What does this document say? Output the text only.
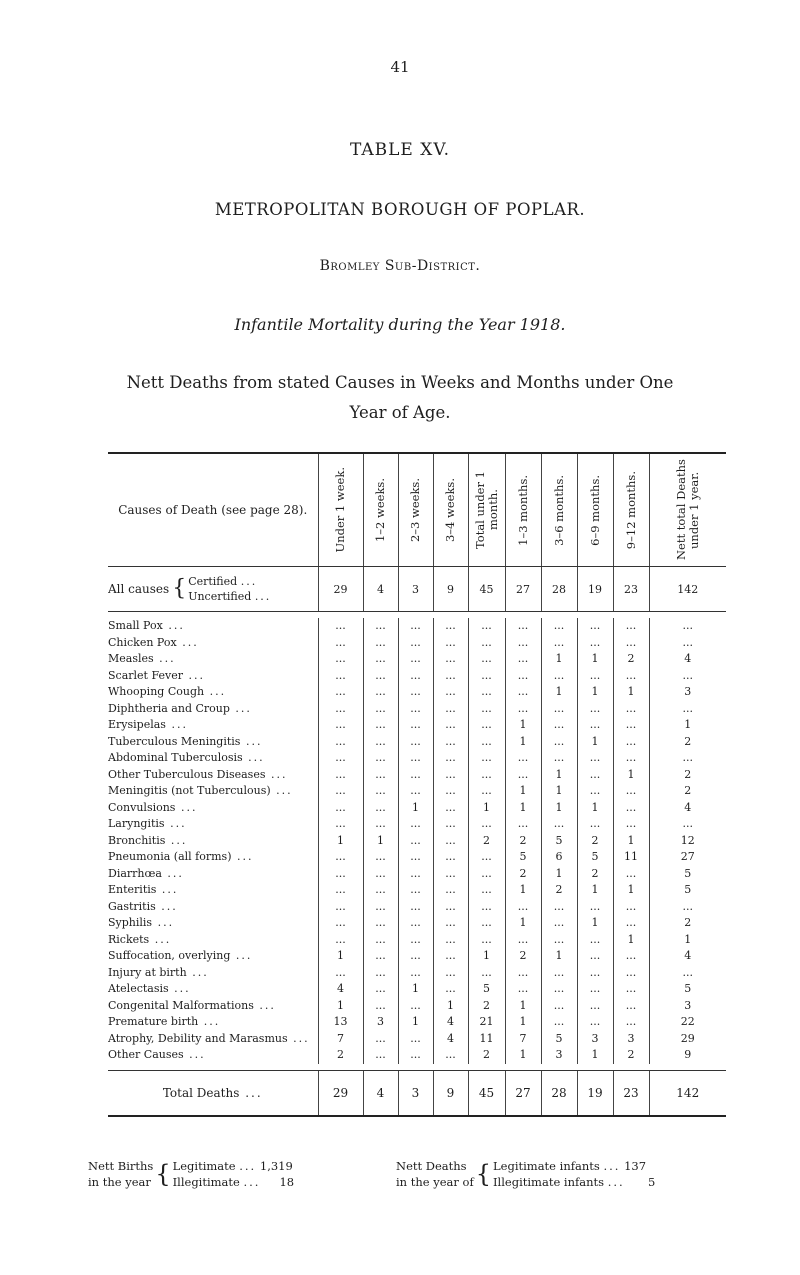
41
TABLE XV.
METROPOLITAN BOROUGH OF POPLAR.
Bromley Sub-District.
Infantile Mortality during the Year 1918.
Nett Deaths from stated Causes in Weeks and Months under One
Year of Age.
Causes of Death (see page 28).	Under 1 week.	1–2 weeks.	2–3 weeks.	3–4 weeks.	Total under 1 month.	1–3 months.	3–6 months.	6–9 months.	9–12 months.	Nett total Deaths under 1 year.

All causes { Certified ...
Uncertified ...	29	4	3	9	45	27	28	19	23	142

Small Pox ...	...	...	...	...	...	...	...	...	...	...
Chicken Pox ...	...	...	...	...	...	...	...	...	...	...
Measles ...	...	...	...	...	...	...	1	1	2	4
Scarlet Fever ...	...	...	...	...	...	...	...	...	...	...
Whooping Cough ...	...	...	...	...	...	...	1	1	1	3
Diphtheria and Croup ...	...	...	...	...	...	...	...	...	...	...
Erysipelas ...	...	...	...	...	...	1	...	...	...	1
Tuberculous Meningitis ...	...	...	...	...	...	1	...	1	...	2
Abdominal Tuberculosis ...	...	...	...	...	...	...	...	...	...	...
Other Tuberculous Diseases ...	...	...	...	...	...	...	1	...	1	2
Meningitis (not Tuberculous) ...	...	...	...	...	...	1	1	...	...	2
Convulsions ...	...	...	1	...	1	1	1	1	...	4
Laryngitis ...	...	...	...	...	...	...	...	...	...	...
Bronchitis ...	1	1	...	...	2	2	5	2	1	12
Pneumonia (all forms) ...	...	...	...	...	...	5	6	5	11	27
Diarrhœa ...	...	...	...	...	...	2	1	2	...	5
Enteritis ...	...	...	...	...	...	1	2	1	1	5
Gastritis ...	...	...	...	...	...	...	...	...	...	...
Syphilis ...	...	...	...	...	...	1	...	1	...	2
Rickets ...	...	...	...	...	...	...	...	...	1	1
Suffocation, overlying ...	1	...	...	...	1	2	1	...	...	4
Injury at birth ...	...	...	...	...	...	...	...	...	...	...
Atelectasis ...	4	...	1	...	5	...	...	...	...	5
Congenital Malformations ...	1	...	...	1	2	1	...	...	...	3
Premature birth ...	13	3	1	4	21	1	...	...	...	22
Atrophy, Debility and Marasmus ...	7	...	...	4	11	7	5	3	3	29
Other Causes ...	2	...	...	...	2	1	3	1	2	9

Total Deaths ...	29	4	3	9	45	27	28	19	23	142
Nett Births
in the year { Legitimate ... 1,319
Illegitimate ... 18
Nett Deaths
in the year of { Legitimate infants ... 137
Illegitimate infants ... 5
